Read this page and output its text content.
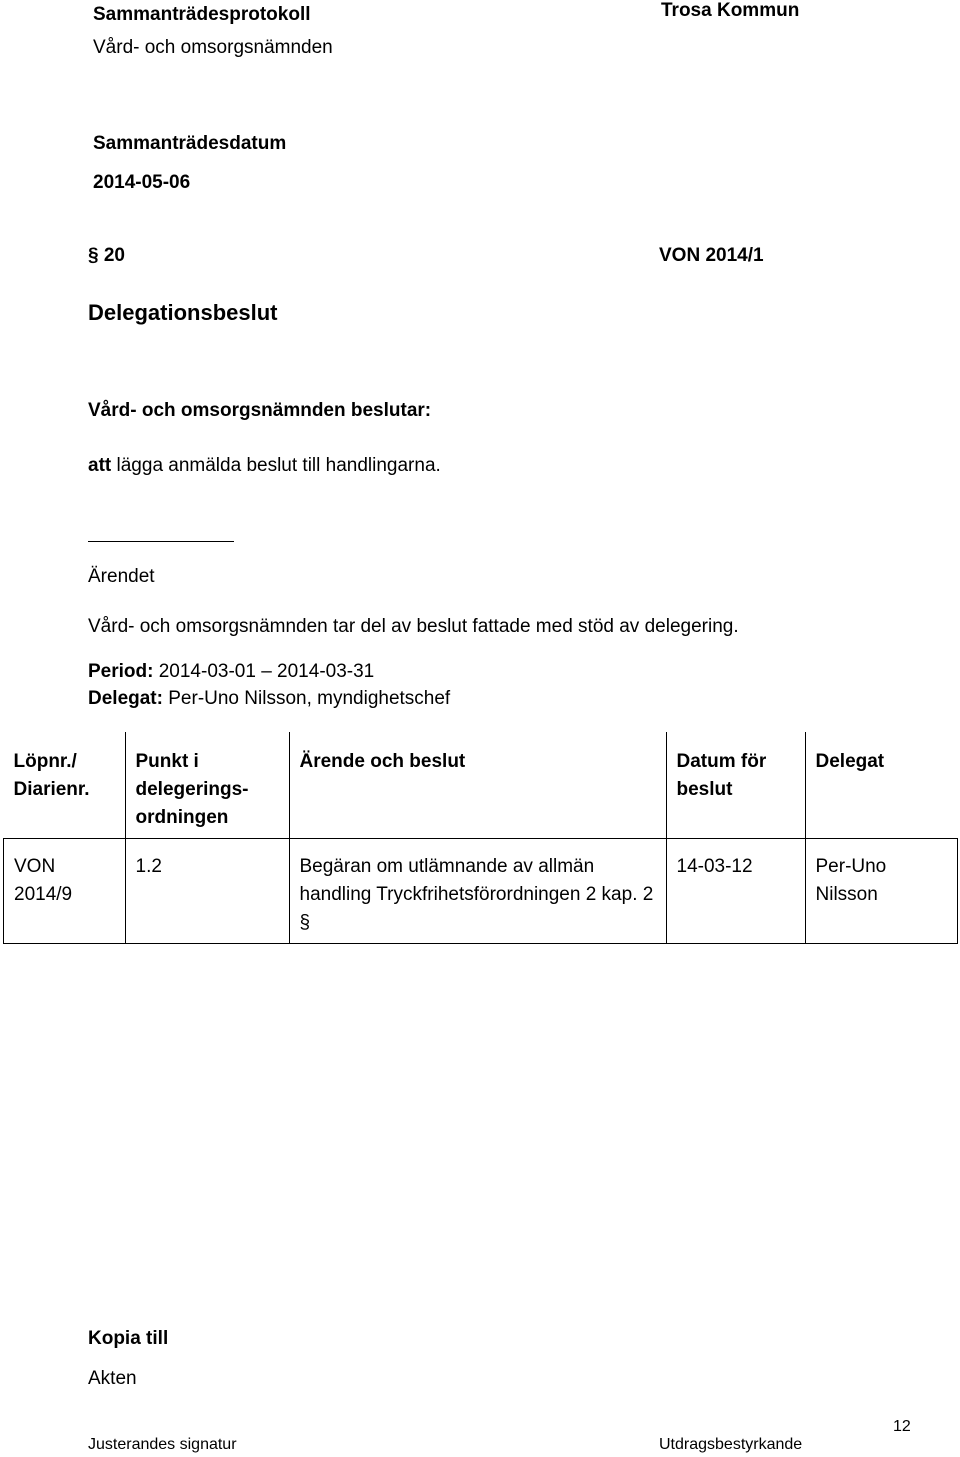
Sammanträdesprotokoll
Vård- och omsorgsnämnden
Trosa Kommun
Sammanträdesdatum
2014-05-06
§ 20	VON 2014/1
Delegationsbeslut
Vård- och omsorgsnämnden beslutar:
att lägga anmälda beslut till handlingarna.
Ärendet
Vård- och omsorgsnämnden tar del av beslut fattade med stöd av delegering.
Period: 2014-03-01 – 2014-03-31
Delegat: Per-Uno Nilsson, myndighetschef
Löpnr./ Diarienr.	Punkt i delegerings-ordningen	Ärende och beslut	Datum för beslut	Delegat
VON 2014/9	1.2	Begäran om utlämnande av allmän handling Tryckfrihetsförordningen 2 kap. 2 §	14-03-12	Per-Uno Nilsson
Kopia till
Akten
12
Justerandes signatur	Utdragsbestyrkande
